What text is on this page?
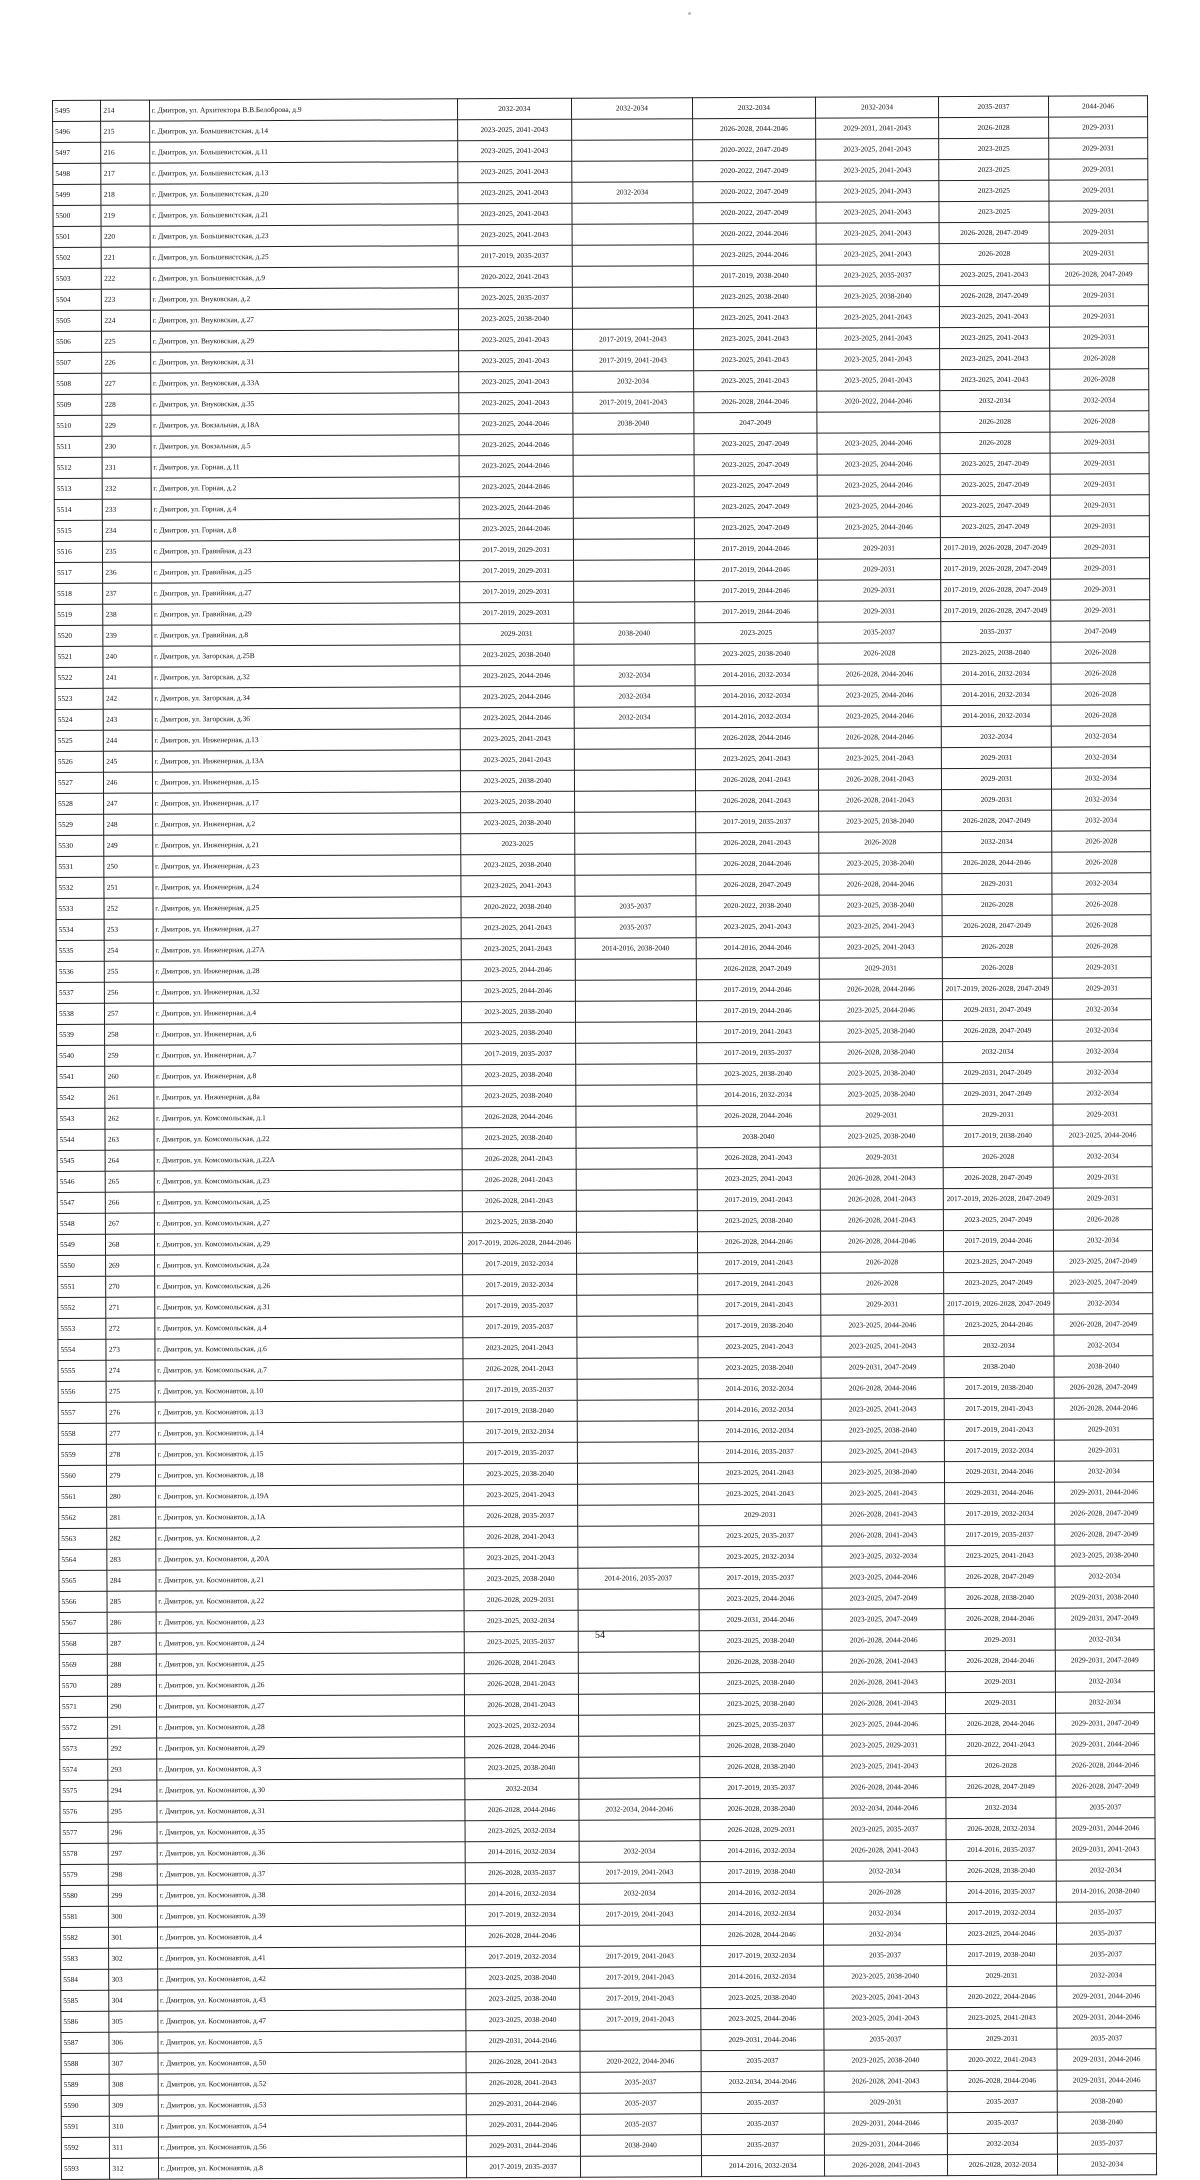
5495	214	г. Дмитров, ул. Архитектора В.В.Белоброва, д.9	2032-2034	2032-2034	2032-2034	2032-2034	2035-2037	2044-2046
5496	215	г. Дмитров, ул. Большевистская, д.14	2023-2025, 2041-2043		2026-2028, 2044-2046	2029-2031, 2041-2043	2026-2028	2029-2031
5497	216	г. Дмитров, ул. Большевистская, д.11	2023-2025, 2041-2043		2020-2022, 2047-2049	2023-2025, 2041-2043	2023-2025	2029-2031
5498	217	г. Дмитров, ул. Большевистская, д.13	2023-2025, 2041-2043		2020-2022, 2047-2049	2023-2025, 2041-2043	2023-2025	2029-2031
5499	218	г. Дмитров, ул. Большевистская, д.20	2023-2025, 2041-2043	2032-2034	2020-2022, 2047-2049	2023-2025, 2041-2043	2023-2025	2029-2031
5500	219	г. Дмитров, ул. Большевистская, д.21	2023-2025, 2041-2043		2020-2022, 2047-2049	2023-2025, 2041-2043	2023-2025	2029-2031
5501	220	г. Дмитров, ул. Большевистская, д.23	2023-2025, 2041-2043		2020-2022, 2044-2046	2023-2025, 2041-2043	2026-2028, 2047-2049	2029-2031
5502	221	г. Дмитров, ул. Большевистская, д.25	2017-2019, 2035-2037		2023-2025, 2044-2046	2023-2025, 2041-2043	2026-2028	2029-2031
5503	222	г. Дмитров, ул. Большевистская, д.9	2020-2022, 2041-2043		2017-2019, 2038-2040	2023-2025, 2035-2037	2023-2025, 2041-2043	2026-2028, 2047-2049
5504	223	г. Дмитров, ул. Внуковская, д.2	2023-2025, 2035-2037		2023-2025, 2038-2040	2023-2025, 2038-2040	2026-2028, 2047-2049	2029-2031
5505	224	г. Дмитров, ул. Внуковская, д.27	2023-2025, 2038-2040		2023-2025, 2041-2043	2023-2025, 2041-2043	2023-2025, 2041-2043	2029-2031
5506	225	г. Дмитров, ул. Внуковская, д.29	2023-2025, 2041-2043	2017-2019, 2041-2043	2023-2025, 2041-2043	2023-2025, 2041-2043	2023-2025, 2041-2043	2029-2031
5507	226	г. Дмитров, ул. Внуковская, д.31	2023-2025, 2041-2043	2017-2019, 2041-2043	2023-2025, 2041-2043	2023-2025, 2041-2043	2023-2025, 2041-2043	2026-2028
5508	227	г. Дмитров, ул. Внуковская, д.33А	2023-2025, 2041-2043	2032-2034	2023-2025, 2041-2043	2023-2025, 2041-2043	2023-2025, 2041-2043	2026-2028
5509	228	г. Дмитров, ул. Внуковская, д.35	2023-2025, 2041-2043	2017-2019, 2041-2043	2026-2028, 2044-2046	2020-2022, 2044-2046	2032-2034	2032-2034
5510	229	г. Дмитров, ул. Вокзальная, д.18А	2023-2025, 2044-2046	2038-2040	2047-2049		2026-2028	2026-2028
5511	230	г. Дмитров, ул. Вокзальная, д.5	2023-2025, 2044-2046		2023-2025, 2047-2049	2023-2025, 2044-2046	2026-2028	2029-2031
5512	231	г. Дмитров, ул. Горная, д.11	2023-2025, 2044-2046		2023-2025, 2047-2049	2023-2025, 2044-2046	2023-2025, 2047-2049	2029-2031
5513	232	г. Дмитров, ул. Горная, д.2	2023-2025, 2044-2046		2023-2025, 2047-2049	2023-2025, 2044-2046	2023-2025, 2047-2049	2029-2031
5514	233	г. Дмитров, ул. Горная, д.4	2023-2025, 2044-2046		2023-2025, 2047-2049	2023-2025, 2044-2046	2023-2025, 2047-2049	2029-2031
5515	234	г. Дмитров, ул. Горная, д.8	2023-2025, 2044-2046		2023-2025, 2047-2049	2023-2025, 2044-2046	2023-2025, 2047-2049	2029-2031
5516	235	г. Дмитров, ул. Гравийная, д.23	2017-2019, 2029-2031		2017-2019, 2044-2046	2029-2031	2017-2019, 2026-2028, 2047-2049	2029-2031
5517	236	г. Дмитров, ул. Гравийная, д.25	2017-2019, 2029-2031		2017-2019, 2044-2046	2029-2031	2017-2019, 2026-2028, 2047-2049	2029-2031
5518	237	г. Дмитров, ул. Гравийная, д.27	2017-2019, 2029-2031		2017-2019, 2044-2046	2029-2031	2017-2019, 2026-2028, 2047-2049	2029-2031
5519	238	г. Дмитров, ул. Гравийная, д.29	2017-2019, 2029-2031		2017-2019, 2044-2046	2029-2031	2017-2019, 2026-2028, 2047-2049	2029-2031
5520	239	г. Дмитров, ул. Гравийная, д.8	2029-2031	2038-2040	2023-2025	2035-2037	2035-2037	2047-2049
5521	240	г. Дмитров, ул. Загорская, д.25В	2023-2025, 2038-2040		2023-2025, 2038-2040	2026-2028	2023-2025, 2038-2040	2026-2028
5522	241	г. Дмитров, ул. Загорская, д.32	2023-2025, 2044-2046	2032-2034	2014-2016, 2032-2034	2026-2028, 2044-2046	2014-2016, 2032-2034	2026-2028
5523	242	г. Дмитров, ул. Загорская, д.34	2023-2025, 2044-2046	2032-2034	2014-2016, 2032-2034	2023-2025, 2044-2046	2014-2016, 2032-2034	2026-2028
5524	243	г. Дмитров, ул. Загорская, д.36	2023-2025, 2044-2046	2032-2034	2014-2016, 2032-2034	2023-2025, 2044-2046	2014-2016, 2032-2034	2026-2028
5525	244	г. Дмитров, ул. Инженерная, д.13	2023-2025, 2041-2043		2026-2028, 2044-2046	2026-2028, 2044-2046	2032-2034	2032-2034
5526	245	г. Дмитров, ул. Инженерная, д.13А	2023-2025, 2041-2043		2023-2025, 2041-2043	2023-2025, 2041-2043	2029-2031	2032-2034
5527	246	г. Дмитров, ул. Инженерная, д.15	2023-2025, 2038-2040		2026-2028, 2041-2043	2026-2028, 2041-2043	2029-2031	2032-2034
5528	247	г. Дмитров, ул. Инженерная, д.17	2023-2025, 2038-2040		2026-2028, 2041-2043	2026-2028, 2041-2043	2029-2031	2032-2034
5529	248	г. Дмитров, ул. Инженерная, д.2	2023-2025, 2038-2040		2017-2019, 2035-2037	2023-2025, 2038-2040	2026-2028, 2047-2049	2032-2034
5530	249	г. Дмитров, ул. Инженерная, д.21	2023-2025		2026-2028, 2041-2043	2026-2028	2032-2034	2026-2028
5531	250	г. Дмитров, ул. Инженерная, д.23	2023-2025, 2038-2040		2026-2028, 2044-2046	2023-2025, 2038-2040	2026-2028, 2044-2046	2026-2028
5532	251	г. Дмитров, ул. Инженерная, д.24	2023-2025, 2041-2043		2026-2028, 2047-2049	2026-2028, 2044-2046	2029-2031	2032-2034
5533	252	г. Дмитров, ул. Инженерная, д.25	2020-2022, 2038-2040	2035-2037	2020-2022, 2038-2040	2023-2025, 2038-2040	2026-2028	2026-2028
5534	253	г. Дмитров, ул. Инженерная, д.27	2023-2025, 2041-2043	2035-2037	2023-2025, 2041-2043	2023-2025, 2041-2043	2026-2028, 2047-2049	2026-2028
5535	254	г. Дмитров, ул. Инженерная, д.27А	2023-2025, 2041-2043	2014-2016, 2038-2040	2014-2016, 2044-2046	2023-2025, 2041-2043	2026-2028	2026-2028
5536	255	г. Дмитров, ул. Инженерная, д.28	2023-2025, 2044-2046		2026-2028, 2047-2049	2029-2031	2026-2028	2029-2031
5537	256	г. Дмитров, ул. Инженерная, д.32	2023-2025, 2044-2046		2017-2019, 2044-2046	2026-2028, 2044-2046	2017-2019, 2026-2028, 2047-2049	2029-2031
5538	257	г. Дмитров, ул. Инженерная, д.4	2023-2025, 2038-2040		2017-2019, 2044-2046	2023-2025, 2044-2046	2029-2031, 2047-2049	2032-2034
5539	258	г. Дмитров, ул. Инженерная, д.6	2023-2025, 2038-2040		2017-2019, 2041-2043	2023-2025, 2038-2040	2026-2028, 2047-2049	2032-2034
5540	259	г. Дмитров, ул. Инженерная, д.7	2017-2019, 2035-2037		2017-2019, 2035-2037	2026-2028, 2038-2040	2032-2034	2032-2034
5541	260	г. Дмитров, ул. Инженерная, д.8	2023-2025, 2038-2040		2023-2025, 2038-2040	2023-2025, 2038-2040	2029-2031, 2047-2049	2032-2034
5542	261	г. Дмитров, ул. Инженерная, д.8а	2023-2025, 2038-2040		2014-2016, 2032-2034	2023-2025, 2038-2040	2029-2031, 2047-2049	2032-2034
5543	262	г. Дмитров, ул. Комсомольская, д.1	2026-2028, 2044-2046		2026-2028, 2044-2046	2029-2031	2029-2031	2029-2031
5544	263	г. Дмитров, ул. Комсомольская, д.22	2023-2025, 2038-2040		2038-2040	2023-2025, 2038-2040	2017-2019, 2038-2040	2023-2025, 2044-2046
5545	264	г. Дмитров, ул. Комсомольская, д.22А	2026-2028, 2041-2043		2026-2028, 2041-2043	2029-2031	2026-2028	2032-2034
5546	265	г. Дмитров, ул. Комсомольская, д.23	2026-2028, 2041-2043		2023-2025, 2041-2043	2026-2028, 2041-2043	2026-2028, 2047-2049	2029-2031
5547	266	г. Дмитров, ул. Комсомольская, д.25	2026-2028, 2041-2043		2017-2019, 2041-2043	2026-2028, 2041-2043	2017-2019, 2026-2028, 2047-2049	2029-2031
5548	267	г. Дмитров, ул. Комсомольская, д.27	2023-2025, 2038-2040		2023-2025, 2038-2040	2026-2028, 2041-2043	2023-2025, 2047-2049	2026-2028
5549	268	г. Дмитров, ул. Комсомольская, д.29	2017-2019, 2026-2028, 2044-2046		2026-2028, 2044-2046	2026-2028, 2044-2046	2017-2019, 2044-2046	2032-2034
5550	269	г. Дмитров, ул. Комсомольская, д.2а	2017-2019, 2032-2034		2017-2019, 2041-2043	2026-2028	2023-2025, 2047-2049	2023-2025, 2047-2049
5551	270	г. Дмитров, ул. Комсомольская, д.26	2017-2019, 2032-2034		2017-2019, 2041-2043	2026-2028	2023-2025, 2047-2049	2023-2025, 2047-2049
5552	271	г. Дмитров, ул. Комсомольская, д.31	2017-2019, 2035-2037		2017-2019, 2041-2043	2029-2031	2017-2019, 2026-2028, 2047-2049	2032-2034
5553	272	г. Дмитров, ул. Комсомольская, д.4	2017-2019, 2035-2037		2017-2019, 2038-2040	2023-2025, 2044-2046	2023-2025, 2044-2046	2026-2028, 2047-2049
5554	273	г. Дмитров, ул. Комсомольская, д.6	2023-2025, 2041-2043		2023-2025, 2041-2043	2023-2025, 2041-2043	2032-2034	2032-2034
5555	274	г. Дмитров, ул. Комсомольская, д.7	2026-2028, 2041-2043		2023-2025, 2038-2040	2029-2031, 2047-2049	2038-2040	2038-2040
5556	275	г. Дмитров, ул. Космонавтов, д.10	2017-2019, 2035-2037		2014-2016, 2032-2034	2026-2028, 2044-2046	2017-2019, 2038-2040	2026-2028, 2047-2049
5557	276	г. Дмитров, ул. Космонавтов, д.13	2017-2019, 2038-2040		2014-2016, 2032-2034	2023-2025, 2041-2043	2017-2019, 2041-2043	2026-2028, 2044-2046
5558	277	г. Дмитров, ул. Космонавтов, д.14	2017-2019, 2032-2034		2014-2016, 2032-2034	2023-2025, 2038-2040	2017-2019, 2041-2043	2029-2031
5559	278	г. Дмитров, ул. Космонавтов, д.15	2017-2019, 2035-2037		2014-2016, 2035-2037	2023-2025, 2041-2043	2017-2019, 2032-2034	2029-2031
5560	279	г. Дмитров, ул. Космонавтов, д.18	2023-2025, 2038-2040		2023-2025, 2041-2043	2023-2025, 2038-2040	2029-2031, 2044-2046	2032-2034
5561	280	г. Дмитров, ул. Космонавтов, д.19А	2023-2025, 2041-2043		2023-2025, 2041-2043	2023-2025, 2041-2043	2029-2031, 2044-2046	2029-2031, 2044-2046
5562	281	г. Дмитров, ул. Космонавтов, д.1А	2026-2028, 2035-2037		2029-2031	2026-2028, 2041-2043	2017-2019, 2032-2034	2026-2028, 2047-2049
5563	282	г. Дмитров, ул. Космонавтов, д.2	2026-2028, 2041-2043		2023-2025, 2035-2037	2026-2028, 2041-2043	2017-2019, 2035-2037	2026-2028, 2047-2049
5564	283	г. Дмитров, ул. Космонавтов, д.20А	2023-2025, 2041-2043		2023-2025, 2032-2034	2023-2025, 2032-2034	2023-2025, 2041-2043	2023-2025, 2038-2040
5565	284	г. Дмитров, ул. Космонавтов, д.21	2023-2025, 2038-2040	2014-2016, 2035-2037	2017-2019, 2035-2037	2023-2025, 2044-2046	2026-2028, 2047-2049	2032-2034
5566	285	г. Дмитров, ул. Космонавтов, д.22	2026-2028, 2029-2031		2023-2025, 2044-2046	2023-2025, 2047-2049	2026-2028, 2038-2040	2029-2031, 2038-2040
5567	286	г. Дмитров, ул. Космонавтов, д.23	2023-2025, 2032-2034		2029-2031, 2044-2046	2023-2025, 2047-2049	2026-2028, 2044-2046	2029-2031, 2047-2049
5568	287	г. Дмитров, ул. Космонавтов, д.24	2023-2025, 2035-2037		2023-2025, 2038-2040	2026-2028, 2044-2046	2029-2031	2032-2034
5569	288	г. Дмитров, ул. Космонавтов, д.25	2026-2028, 2041-2043		2026-2028, 2038-2040	2026-2028, 2041-2043	2026-2028, 2044-2046	2029-2031, 2047-2049
5570	289	г. Дмитров, ул. Космонавтов, д.26	2026-2028, 2041-2043		2023-2025, 2038-2040	2026-2028, 2041-2043	2029-2031	2032-2034
5571	290	г. Дмитров, ул. Космонавтов, д.27	2026-2028, 2041-2043		2023-2025, 2038-2040	2026-2028, 2041-2043	2029-2031	2032-2034
5572	291	г. Дмитров, ул. Космонавтов, д.28	2023-2025, 2032-2034		2023-2025, 2035-2037	2023-2025, 2044-2046	2026-2028, 2044-2046	2029-2031, 2047-2049
5573	292	г. Дмитров, ул. Космонавтов, д.29	2026-2028, 2044-2046		2026-2028, 2038-2040	2023-2025, 2029-2031	2020-2022, 2041-2043	2029-2031, 2044-2046
5574	293	г. Дмитров, ул. Космонавтов, д.3	2023-2025, 2038-2040		2026-2028, 2038-2040	2023-2025, 2041-2043	2026-2028	2026-2028, 2044-2046
5575	294	г. Дмитров, ул. Космонавтов, д.30	2032-2034		2017-2019, 2035-2037	2026-2028, 2044-2046	2026-2028, 2047-2049	2026-2028, 2047-2049
5576	295	г. Дмитров, ул. Космонавтов, д.31	2026-2028, 2044-2046	2032-2034, 2044-2046	2026-2028, 2038-2040	2032-2034, 2044-2046	2032-2034	2035-2037
5577	296	г. Дмитров, ул. Космонавтов, д.35	2023-2025, 2032-2034		2026-2028, 2029-2031	2023-2025, 2035-2037	2026-2028, 2032-2034	2029-2031, 2044-2046
5578	297	г. Дмитров, ул. Космонавтов, д.36	2014-2016, 2032-2034	2032-2034	2014-2016, 2032-2034	2026-2028, 2041-2043	2014-2016, 2035-2037	2029-2031, 2041-2043
5579	298	г. Дмитров, ул. Космонавтов, д.37	2026-2028, 2035-2037	2017-2019, 2041-2043	2017-2019, 2038-2040	2032-2034	2026-2028, 2038-2040	2032-2034
5580	299	г. Дмитров, ул. Космонавтов, д.38	2014-2016, 2032-2034	2032-2034	2014-2016, 2032-2034	2026-2028	2014-2016, 2035-2037	2014-2016, 2038-2040
5581	300	г. Дмитров, ул. Космонавтов, д.39	2017-2019, 2032-2034	2017-2019, 2041-2043	2014-2016, 2032-2034	2032-2034	2017-2019, 2032-2034	2035-2037
5582	301	г. Дмитров, ул. Космонавтов, д.4	2026-2028, 2044-2046		2026-2028, 2044-2046	2032-2034	2023-2025, 2044-2046	2035-2037
5583	302	г. Дмитров, ул. Космонавтов, д.41	2017-2019, 2032-2034	2017-2019, 2041-2043	2017-2019, 2032-2034	2035-2037	2017-2019, 2038-2040	2035-2037
5584	303	г. Дмитров, ул. Космонавтов, д.42	2023-2025, 2038-2040	2017-2019, 2041-2043	2014-2016, 2032-2034	2023-2025, 2038-2040	2029-2031	2032-2034
5585	304	г. Дмитров, ул. Космонавтов, д.43	2023-2025, 2038-2040	2017-2019, 2041-2043	2023-2025, 2038-2040	2023-2025, 2041-2043	2020-2022, 2044-2046	2029-2031, 2044-2046
5586	305	г. Дмитров, ул. Космонавтов, д.47	2023-2025, 2038-2040	2017-2019, 2041-2043	2023-2025, 2044-2046	2023-2025, 2041-2043	2023-2025, 2041-2043	2029-2031, 2044-2046
5587	306	г. Дмитров, ул. Космонавтов, д.5	2029-2031, 2044-2046		2029-2031, 2044-2046	2035-2037	2029-2031	2035-2037
5588	307	г. Дмитров, ул. Космонавтов, д.50	2026-2028, 2041-2043	2020-2022, 2044-2046	2035-2037	2023-2025, 2038-2040	2020-2022, 2041-2043	2029-2031, 2044-2046
5589	308	г. Дмитров, ул. Космонавтов, д.52	2026-2028, 2041-2043	2035-2037	2032-2034, 2044-2046	2026-2028, 2041-2043	2026-2028, 2044-2046	2029-2031, 2044-2046
5590	309	г. Дмитров, ул. Космонавтов, д.53	2029-2031, 2044-2046	2035-2037	2035-2037	2029-2031	2035-2037	2038-2040
5591	310	г. Дмитров, ул. Космонавтов, д.54	2029-2031, 2044-2046	2035-2037	2035-2037	2029-2031, 2044-2046	2035-2037	2038-2040
5592	311	г. Дмитров, ул. Космонавтов, д.56	2029-2031, 2044-2046	2038-2040	2035-2037	2029-2031, 2044-2046	2032-2034	2035-2037
5593	312	г. Дмитров, ул. Космонавтов, д.8	2017-2019, 2035-2037		2014-2016, 2032-2034	2026-2028, 2041-2043	2026-2028, 2032-2034	2032-2034
54
